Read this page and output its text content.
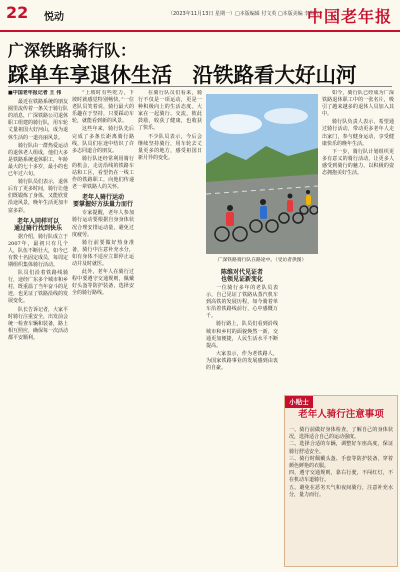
22 悦动	（2023年11月13日 星期一）□本版编辑 付文英 □本版美编 李梅先
中国老年报
广深铁路骑行队：
踩单车享退休生活　沿铁路看大好山河
■中国老年报记者 王 伟

最近在铁路系统的朋友圈里流传着一条关于骑行队的消息，广深铁路公司退休职工组建的骑行队，用车轮丈量祖国大好河山，成为退休生活的一道亮丽风景。

骑行队由一群热爱运动的退休老人组成，他们大多是铁路系统退休职工，年龄最大的七十多岁，最小的也已年过六旬。

骑行队员们表示，退休后有了更多时间，骑行让他们既锻炼了身体，又能欣赏沿途风景，晚年生活更加丰富多彩。

老年人同样可以
通过骑行找到快乐

据介绍，骑行队成立于2007年，最初只有几个人，队伍不断壮大，如今已有数十名固定成员，每周定期组织集体骑行活动。

队员们沿着铁路线骑行，途经广东多个城市和乡村，既重温了当年奋斗的足迹，也见证了铁路沿线的发展变化。

队长告诉记者，大家平时骑行注重安全，出发前会统一检查车辆和装备，路上相互照应，确保每一次活动都平安顺利。

“上坡时有些吃力，下坡时就感觉特别畅快。”一位老队员笑着说，骑行最大的乐趣在于坚持，只要踩动车轮，就能看到新的风景。

这些年来，骑行队先后完成了多条长距离骑行路线，队员们在途中结识了许多志同道合的朋友。

骑行队还经常利用骑行的机会，走访沿线的铁路车站和工区，看望仍在一线工作的铁路职工，向他们传递老一辈铁路人的关怀。

老年人骑行运动
要掌握好方法量力而行

专家提醒，老年人参加骑行运动要根据自身身体状况合理安排运动量，避免过度疲劳。

骑行前要做好热身准备，骑行中注意补充水分，如有身体不适应立即停止运动并及时就医。

此外，老年人在骑行过程中要遵守交通规则，佩戴好头盔等防护装备，选择安全的骑行路线。

在骑行队员们看来，骑行不仅是一项运动，更是一种积极向上的生活态度。大家在一起骑行、交流，彼此鼓励，收获了健康，也收获了快乐。

不少队员表示，今后会继续坚持骑行，用车轮去丈量更多的地方，感受祖国日新月异的变化。

广深铁路骑行队在路途中。（受访者供图）
陈维对代见证者
也领见证新变化

一位骑行多年的老队员表示，自己见证了铁路从蒸汽机车到高铁的发展历程，如今骑着单车沿着铁路线前行，心中感慨万千。

骑行路上，队员们看到沿线城市和乡村的面貌焕然一新，交通更加便捷，人民生活水平不断提高。

大家表示，作为老铁路人，为国家铁路事业的发展感到由衷的自豪。

如今，骑行队已经成为广深铁路退休职工中的一张名片，吸引了越来越多的退休人员加入其中。

骑行队负责人表示，希望通过骑行活动，带动更多老年人走出家门，参与健身运动，享受健康快乐的晚年生活。

下一步，骑行队计划组织更多有意义的骑行活动，让更多人感受到骑行的魅力，以积极的姿态拥抱美好生活。

小贴士
老年人骑行注意事项

一、骑行前做好身体检查，了解自己的身体状况，选择适合自己的运动强度。

二、选择合适的车辆，调整好车座高度，保证骑行舒适安全。

三、骑行时佩戴头盔、手套等防护装备，穿着颜色鲜艳的衣服。

四、遵守交通规则，靠右行驶，不闯红灯，不在机动车道骑行。

五、避免在恶劣天气和夜间骑行，注意补充水分，量力而行。
